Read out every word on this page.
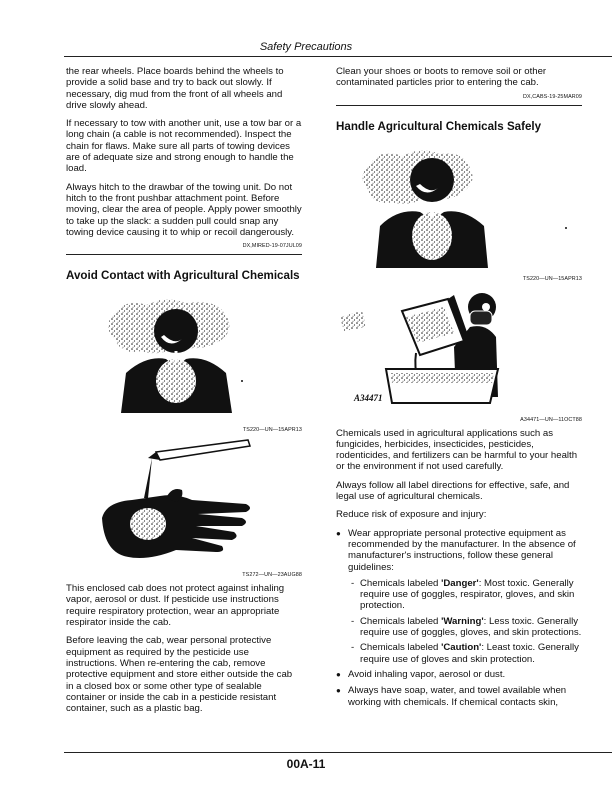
Safety Precautions

the rear wheels. Place boards behind the wheels to provide a solid base and try to back out slowly. If necessary, dig mud from the front of all wheels and drive slowly ahead.

If necessary to tow with another unit, use a tow bar or a long chain (a cable is not recommended). Inspect the chain for flaws. Make sure all parts of towing devices are of adequate size and strong enough to handle the load.

Always hitch to the drawbar of the towing unit. Do not hitch to the front pushbar attachment point. Before moving, clear the area of people. Apply power smoothly to take up the slack: a sudden pull could snap any towing device causing it to whip or recoil dangerously.

DX,MIRED-19-07JUL09
Avoid Contact with Agricultural Chemicals
TS220—UN—15APR13
TS272—UN—23AUG88

This enclosed cab does not protect against inhaling vapor, aerosol or dust. If pesticide use instructions require respiratory protection, wear an appropriate respirator inside the cab.

Before leaving the cab, wear personal protective equipment as required by the pesticide use instructions. When re-entering the cab, remove protective equipment and store either outside the cab in a closed box or some other type of sealable container or inside the cab in a pesticide resistant container, such as a plastic bag.

Clean your shoes or boots to remove soil or other contaminated particles prior to entering the cab.

DX,CABS-19-25MAR09
Handle Agricultural Chemicals Safely
TS220—UN—15APR13
A34471
A34471—UN—11OCT88

Chemicals used in agricultural applications such as fungicides, herbicides, insecticides, pesticides, rodenticides, and fertilizers can be harmful to your health or the environment if not used carefully.

Always follow all label directions for effective, safe, and legal use of agricultural chemicals.

Reduce risk of exposure and injury:

● Wear appropriate personal protective equipment as recommended by the manufacturer. In the absence of manufacturer's instructions, follow these general guidelines:
- Chemicals labeled 'Danger': Most toxic. Generally require use of goggles, respirator, gloves, and skin protection.
- Chemicals labeled 'Warning': Less toxic. Generally require use of goggles, gloves, and skin protections.
- Chemicals labeled 'Caution': Least toxic. Generally require use of gloves and skin protection.
● Avoid inhaling vapor, aerosol or dust.
● Always have soap, water, and towel available when working with chemicals. If chemical contacts skin,
00A-11
